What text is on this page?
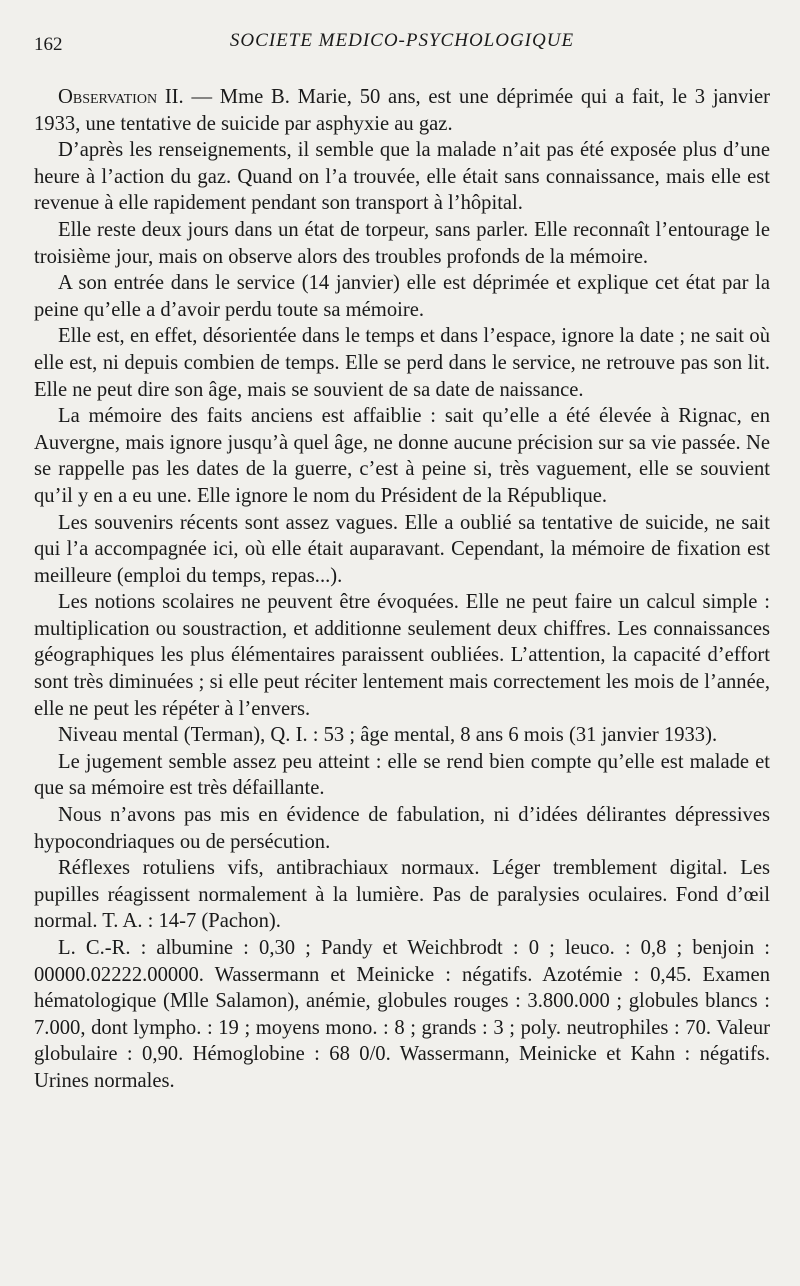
162	SOCIETE MEDICO-PSYCHOLOGIQUE

Observation II. — Mme B. Marie, 50 ans, est une déprimée qui a fait, le 3 janvier 1933, une tentative de suicide par asphyxie au gaz.

D’après les renseignements, il semble que la malade n’ait pas été exposée plus d’une heure à l’action du gaz. Quand on l’a trouvée, elle était sans connaissance, mais elle est revenue à elle rapidement pendant son transport à l’hôpital.

Elle reste deux jours dans un état de torpeur, sans parler. Elle reconnaît l’entourage le troisième jour, mais on observe alors des troubles profonds de la mémoire.

A son entrée dans le service (14 janvier) elle est déprimée et explique cet état par la peine qu’elle a d’avoir perdu toute sa mémoire.

Elle est, en effet, désorientée dans le temps et dans l’espace, ignore la date ; ne sait où elle est, ni depuis combien de temps. Elle se perd dans le service, ne retrouve pas son lit. Elle ne peut dire son âge, mais se souvient de sa date de naissance.

La mémoire des faits anciens est affaiblie : sait qu’elle a été élevée à Rignac, en Auvergne, mais ignore jusqu’à quel âge, ne donne aucune précision sur sa vie passée. Ne se rappelle pas les dates de la guerre, c’est à peine si, très vaguement, elle se souvient qu’il y en a eu une. Elle ignore le nom du Président de la République.

Les souvenirs récents sont assez vagues. Elle a oublié sa tentative de suicide, ne sait qui l’a accompagnée ici, où elle était auparavant. Cependant, la mémoire de fixation est meilleure (emploi du temps, repas...).

Les notions scolaires ne peuvent être évoquées. Elle ne peut faire un calcul simple : multiplication ou soustraction, et additionne seulement deux chiffres. Les connaissances géographiques les plus élémentaires paraissent oubliées. L’attention, la capacité d’effort sont très diminuées ; si elle peut réciter lentement mais correctement les mois de l’année, elle ne peut les répéter à l’envers.

Niveau mental (Terman), Q. I. : 53 ; âge mental, 8 ans 6 mois (31 janvier 1933).

Le jugement semble assez peu atteint : elle se rend bien compte qu’elle est malade et que sa mémoire est très défaillante.

Nous n’avons pas mis en évidence de fabulation, ni d’idées délirantes dépressives hypocondriaques ou de persécution.

Réflexes rotuliens vifs, antibrachiaux normaux. Léger tremblement digital. Les pupilles réagissent normalement à la lumière. Pas de paralysies oculaires. Fond d’œil normal. T. A. : 14-7 (Pachon).

L. C.-R. : albumine : 0,30 ; Pandy et Weichbrodt : 0 ; leuco. : 0,8 ; benjoin : 00000.02222.00000. Wassermann et Meinicke : négatifs. Azotémie : 0,45. Examen hématologique (Mlle Salamon), anémie, globules rouges : 3.800.000 ; globules blancs : 7.000, dont lympho. : 19 ; moyens mono. : 8 ; grands : 3 ; poly. neutrophiles : 70. Valeur globulaire : 0,90. Hémoglobine : 68 0/0. Wassermann, Meinicke et Kahn : négatifs. Urines normales.
